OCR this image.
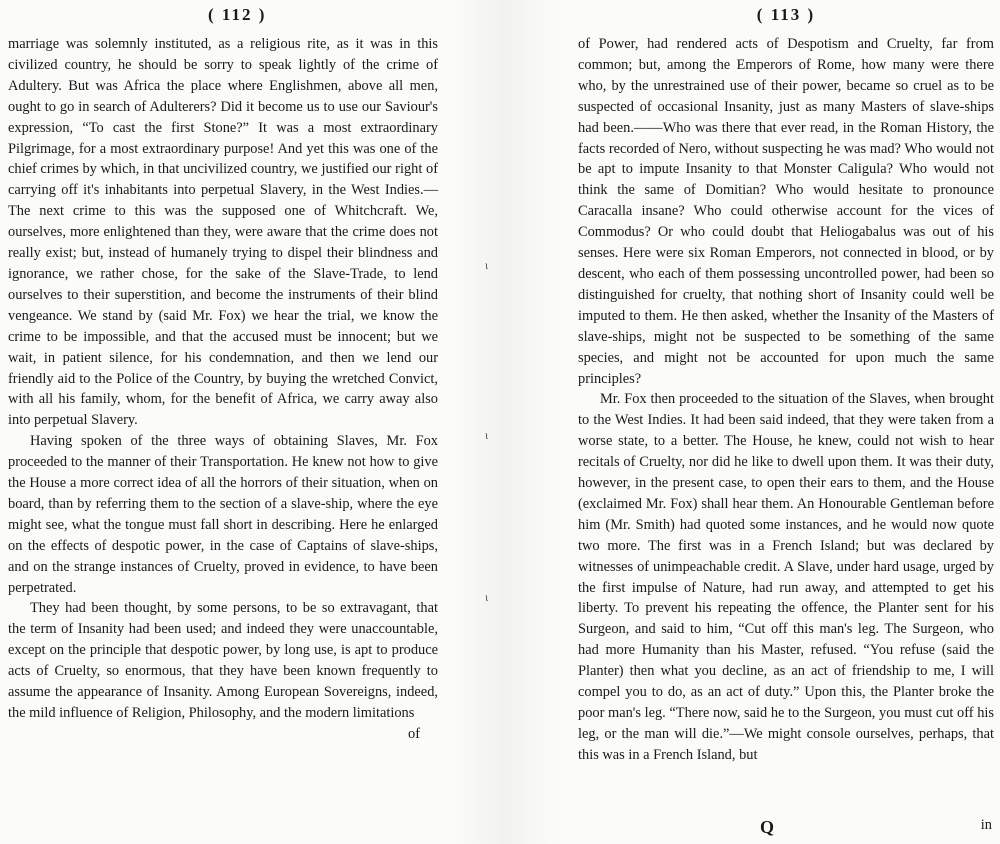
ι
ι
ι
( 112 )

marriage was solemnly instituted, as a religious rite, as it was in this civilized country, he should be sorry to speak lightly of the crime of Adultery. But was Africa the place where Englishmen, above all men, ought to go in search of Adulterers? Did it become us to use our Saviour's expression, “To cast the first Stone?” It was a most extraordinary Pilgrimage, for a most extraordinary purpose! And yet this was one of the chief crimes by which, in that uncivilized country, we justified our right of carrying off it's inhabitants into perpetual Slavery, in the West Indies.—The next crime to this was the supposed one of Whitchcraft. We, ourselves, more enlightened than they, were aware that the crime does not really exist; but, instead of humanely trying to dispel their blindness and ignorance, we rather chose, for the sake of the Slave-Trade, to lend ourselves to their superstition, and become the instruments of their blind vengeance. We stand by (said Mr. Fox) we hear the trial, we know the crime to be impossible, and that the accused must be innocent; but we wait, in patient silence, for his condemnation, and then we lend our friendly aid to the Police of the Country, by buying the wretched Convict, with all his family, whom, for the benefit of Africa, we carry away also into perpetual Slavery.

Having spoken of the three ways of obtaining Slaves, Mr. Fox proceeded to the manner of their Transportation. He knew not how to give the House a more correct idea of all the horrors of their situation, when on board, than by referring them to the section of a slave-ship, where the eye might see, what the tongue must fall short in describing. Here he enlarged on the effects of despotic power, in the case of Captains of slave-ships, and on the strange instances of Cruelty, proved in evidence, to have been perpetrated.

They had been thought, by some persons, to be so extravagant, that the term of Insanity had been used; and indeed they were unaccountable, except on the principle that despotic power, by long use, is apt to produce acts of Cruelty, so enormous, that they have been known frequently to assume the appearance of Insanity. Among European Sovereigns, indeed, the mild influence of Religion, Philosophy, and the modern limitations

of
( 113 )

of Power, had rendered acts of Despotism and Cruelty, far from common; but, among the Emperors of Rome, how many were there who, by the unrestrained use of their power, became so cruel as to be suspected of occasional Insanity, just as many Masters of slave-ships had been.——Who was there that ever read, in the Roman History, the facts recorded of Nero, without suspecting he was mad? Who would not be apt to impute Insanity to that Monster Caligula? Who would not think the same of Domitian? Who would hesitate to pronounce Caracalla insane? Who could otherwise account for the vices of Commodus? Or who could doubt that Heliogabalus was out of his senses. Here were six Roman Emperors, not connected in blood, or by descent, who each of them possessing uncontrolled power, had been so distinguished for cruelty, that nothing short of Insanity could well be imputed to them. He then asked, whether the Insanity of the Masters of slave-ships, might not be suspected to be something of the same species, and might not be accounted for upon much the same principles?

Mr. Fox then proceeded to the situation of the Slaves, when brought to the West Indies. It had been said indeed, that they were taken from a worse state, to a better. The House, he knew, could not wish to hear recitals of Cruelty, nor did he like to dwell upon them. It was their duty, however, in the present case, to open their ears to them, and the House (exclaimed Mr. Fox) shall hear them. An Honourable Gentleman before him (Mr. Smith) had quoted some instances, and he would now quote two more. The first was in a French Island; but was declared by witnesses of unimpeachable credit. A Slave, under hard usage, urged by the first impulse of Nature, had run away, and attempted to get his liberty. To prevent his repeating the offence, the Planter sent for his Surgeon, and said to him, “Cut off this man's leg. The Surgeon, who had more Humanity than his Master, refused. “You refuse (said the Planter) then what you decline, as an act of friendship to me, I will compel you to do, as an act of duty.” Upon this, the Planter broke the poor man's leg. “There now, said he to the Surgeon, you must cut off his leg, or the man will die.”—We might console ourselves, perhaps, that this was in a French Island, but

Q	in
